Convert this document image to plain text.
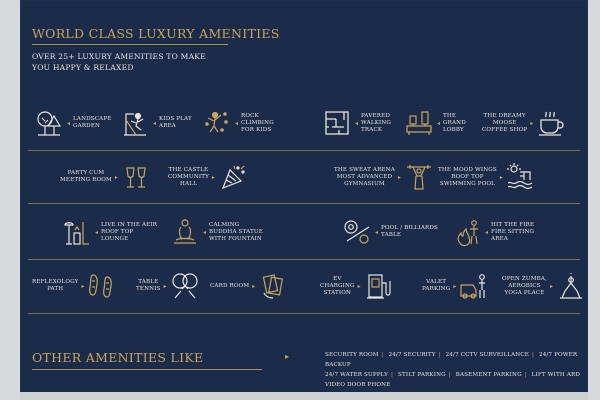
WORLD CLASS LUXURY AMENITIES
OVER 25+ LUXURY AMENITIES TO MAKE
YOU HAPPY & RELAXED
◂
LANDSCAPE
GARDEN	◂
KIDS PLAY
AREA	◂
ROCK
CLIMBING
FOR KIDS
◂
PAVERED
WALKING
TRACK
◂
THE
GRAND
LOBBY
THE DREAMY
MOOSE
COFFEE SHOP
▸
PARTY CUM
MEETING ROOM ▸
THE CASTLE
COMMUNITY
HALL
▸
THE SWEAT ARENA
MOST ADVANCED
GYMNASIUM
▸
THE MOOD WINGS
ROOF TOP
SWIMMING POOL
▸
◂
LIVE IN THE AEIR
ROOF TOP
LOUNGE
◂
CALMING
BUDDHA STATUE
WITH FOUNTAIN
◂
POOL / BILLIARDS
TABLE	◂
HIT THE FIRE
FIRE SITTING
AREA
REFLEXOLOGY
PATH	▸
TABLE
TENNIS ▸	CARD ROOM ▸
EV
CHARGING
STATION
▸
VALET
PARKING ▸
OPEN ZUMBA,
AEROBICS
YOGA PLACE
▸
OTHER AMENITIES LIKE	▸	SECURITY ROOM | 24/7 SECURITY | 24/7 CCTV SURVEILLANCE | 24/7 POWER BACKUP
24/7 WATER SUPPLY | STILT PARKING | BASEMENT PARKING | LIFT WITH ARD
VIDEO DOOR PHONE
